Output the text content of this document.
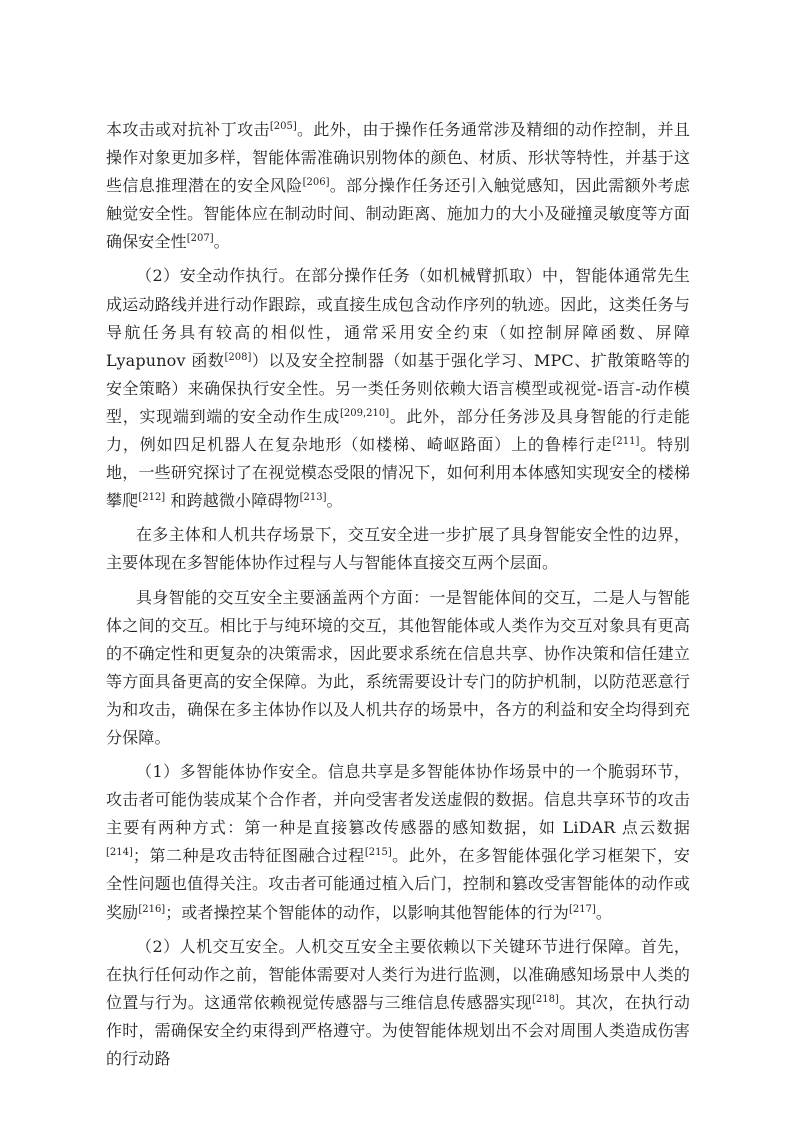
本攻击或对抗补丁攻击[205]。此外，由于操作任务通常涉及精细的动作控制，并且操作对象更加多样，智能体需准确识别物体的颜色、材质、形状等特性，并基于这些信息推理潜在的安全风险[206]。部分操作任务还引入触觉感知，因此需额外考虑触觉安全性。智能体应在制动时间、制动距离、施加力的大小及碰撞灵敏度等方面确保安全性[207]。

（2）安全动作执行。在部分操作任务（如机械臂抓取）中，智能体通常先生成运动路线并进行动作跟踪，或直接生成包含动作序列的轨迹。因此，这类任务与导航任务具有较高的相似性，通常采用安全约束（如控制屏障函数、屏障 Lyapunov 函数[208]）以及安全控制器（如基于强化学习、MPC、扩散策略等的安全策略）来确保执行安全性。另一类任务则依赖大语言模型或视觉-语言-动作模型，实现端到端的安全动作生成[209,210]。此外，部分任务涉及具身智能的行走能力，例如四足机器人在复杂地形（如楼梯、崎岖路面）上的鲁棒行走[211]。特别地，一些研究探讨了在视觉模态受限的情况下，如何利用本体感知实现安全的楼梯攀爬[212] 和跨越微小障碍物[213]。

在多主体和人机共存场景下，交互安全进一步扩展了具身智能安全性的边界，主要体现在多智能体协作过程与人与智能体直接交互两个层面。

具身智能的交互安全主要涵盖两个方面：一是智能体间的交互，二是人与智能体之间的交互。相比于与纯环境的交互，其他智能体或人类作为交互对象具有更高的不确定性和更复杂的决策需求，因此要求系统在信息共享、协作决策和信任建立等方面具备更高的安全保障。为此，系统需要设计专门的防护机制，以防范恶意行为和攻击，确保在多主体协作以及人机共存的场景中，各方的利益和安全均得到充分保障。

（1）多智能体协作安全。信息共享是多智能体协作场景中的一个脆弱环节，攻击者可能伪装成某个合作者，并向受害者发送虚假的数据。信息共享环节的攻击主要有两种方式：第一种是直接篡改传感器的感知数据，如 LiDAR 点云数据[214]；第二种是攻击特征图融合过程[215]。此外，在多智能体强化学习框架下，安全性问题也值得关注。攻击者可能通过植入后门，控制和篡改受害智能体的动作或奖励[216]；或者操控某个智能体的动作，以影响其他智能体的行为[217]。

（2）人机交互安全。人机交互安全主要依赖以下关键环节进行保障。首先，在执行任何动作之前，智能体需要对人类行为进行监测，以准确感知场景中人类的位置与行为。这通常依赖视觉传感器与三维信息传感器实现[218]。其次，在执行动作时，需确保安全约束得到严格遵守。为使智能体规划出不会对周围人类造成伤害的行动路
